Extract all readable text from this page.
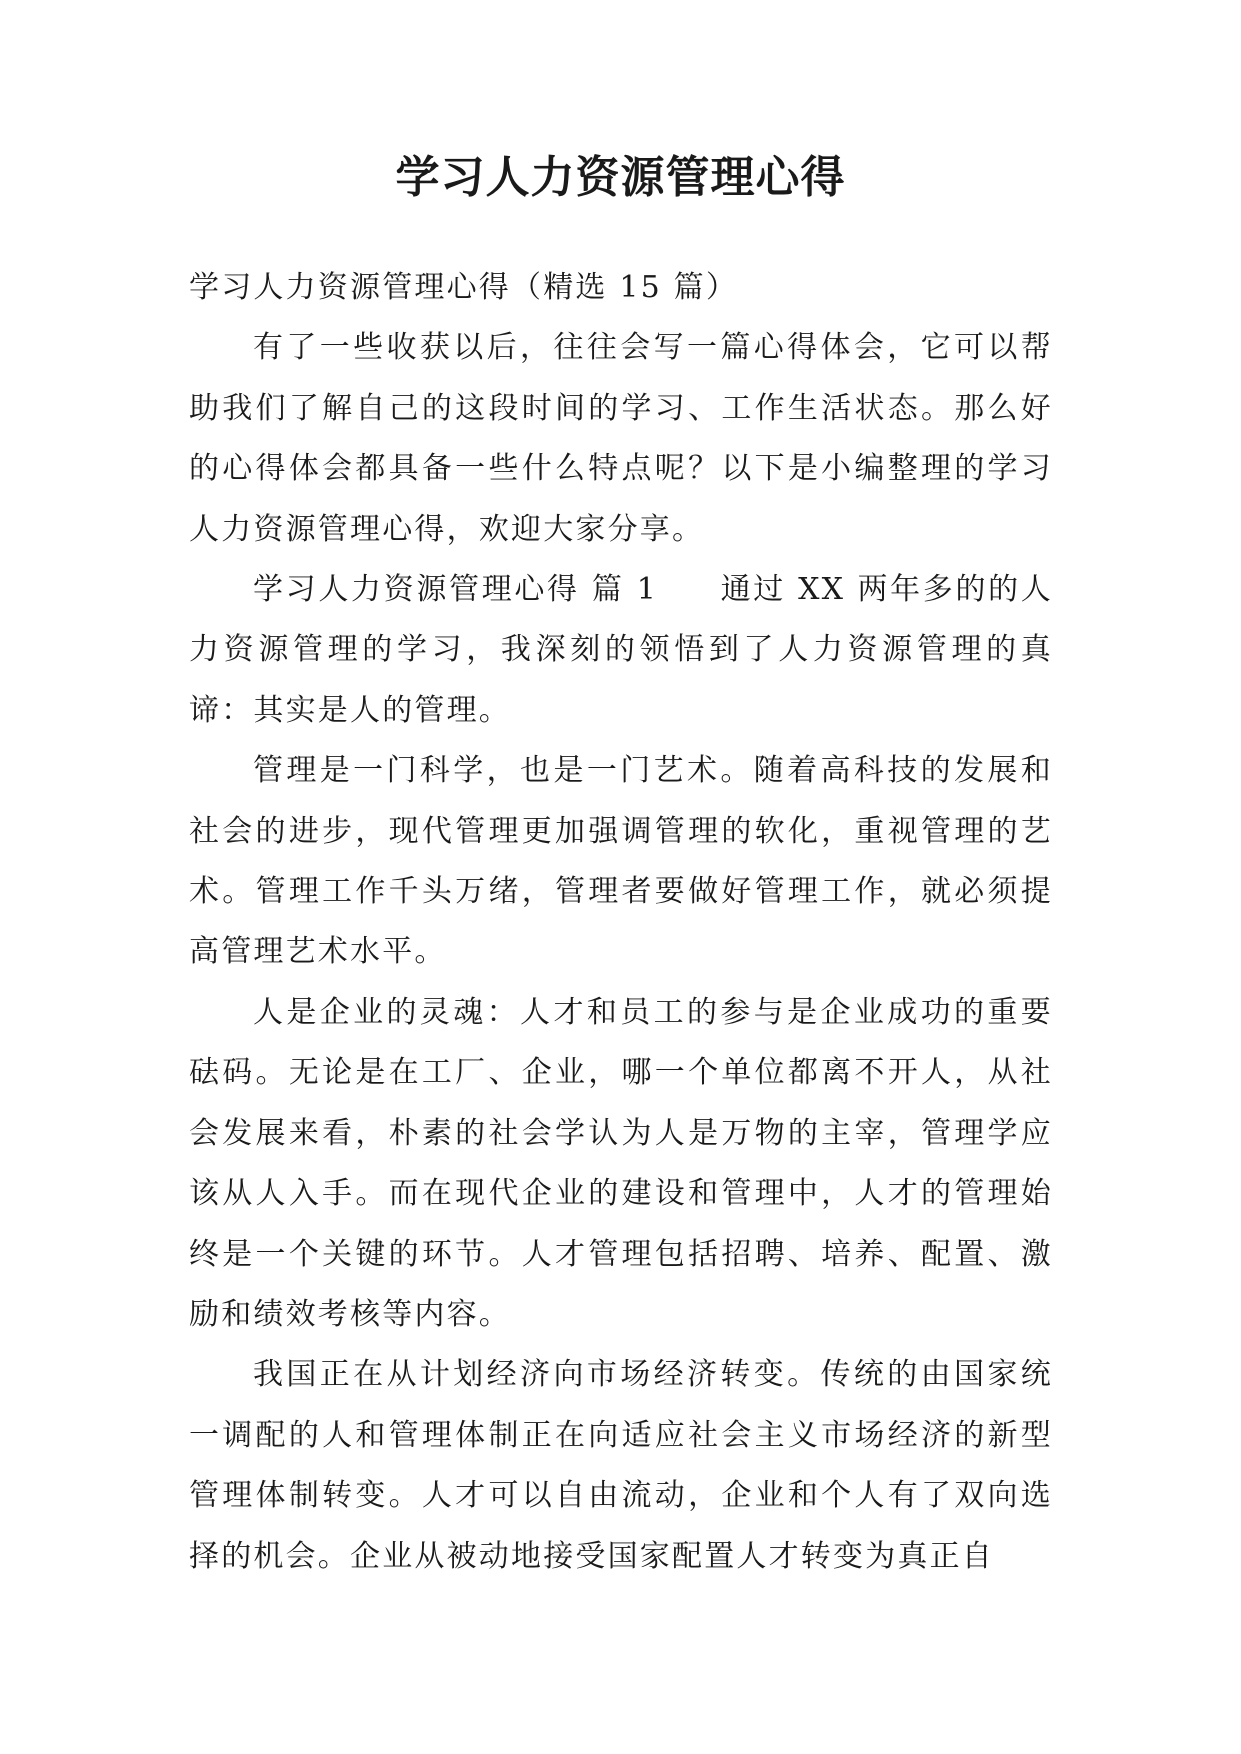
学习人力资源管理心得

学习人力资源管理心得（精选 15 篇）

有了一些收获以后，往往会写一篇心得体会，它可以帮助我们了解自己的这段时间的学习、工作生活状态。那么好的心得体会都具备一些什么特点呢？以下是小编整理的学习人力资源管理心得，欢迎大家分享。

学习人力资源管理心得 篇 1 通过 XX 两年多的的人力资源管理的学习，我深刻的领悟到了人力资源管理的真谛：其实是人的管理。

管理是一门科学，也是一门艺术。随着高科技的发展和社会的进步，现代管理更加强调管理的软化，重视管理的艺术。管理工作千头万绪，管理者要做好管理工作，就必须提高管理艺术水平。

人是企业的灵魂：人才和员工的参与是企业成功的重要砝码。无论是在工厂、企业，哪一个单位都离不开人，从社会发展来看，朴素的社会学认为人是万物的主宰，管理学应该从人入手。而在现代企业的建设和管理中，人才的管理始终是一个关键的环节。人才管理包括招聘、培养、配置、激励和绩效考核等内容。

我国正在从计划经济向市场经济转变。传统的由国家统一调配的人和管理体制正在向适应社会主义市场经济的新型管理体制转变。人才可以自由流动，企业和个人有了双向选择的机会。企业从被动地接受国家配置人才转变为真正自
